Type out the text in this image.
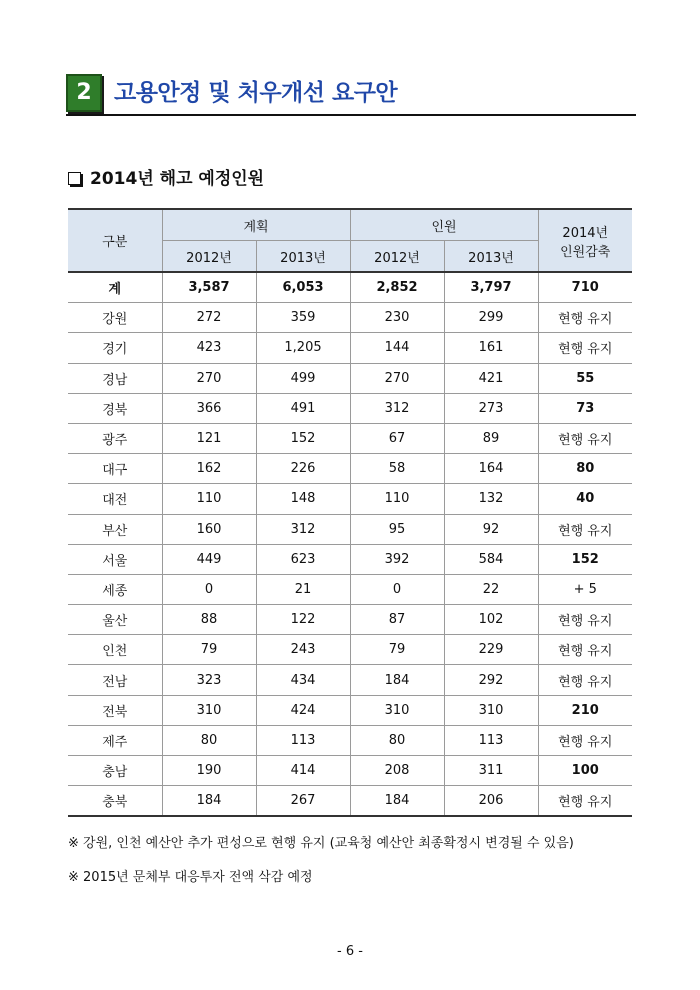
2 고용안정 및 처우개선 요구안
2014년 해고 예정인원
구분	계획		인원		2014년
인원감축
	2012년	2013년	2012년	2013년	
계	3,587	6,053	2,852	3,797	710
강원	272	359	230	299	현행 유지
경기	423	1,205	144	161	현행 유지
경남	270	499	270	421	55
경북	366	491	312	273	73
광주	121	152	67	89	현행 유지
대구	162	226	58	164	80
대전	110	148	110	132	40
부산	160	312	95	92	현행 유지
서울	449	623	392	584	152
세종	0	21	0	22	+ 5
울산	88	122	87	102	현행 유지
인천	79	243	79	229	현행 유지
전남	323	434	184	292	현행 유지
전북	310	424	310	310	210
제주	80	113	80	113	현행 유지
충남	190	414	208	311	100
충북	184	267	184	206	현행 유지
※ 강원, 인천 예산안 추가 편성으로 현행 유지 (교육청 예산안 최종확정시 변경될 수 있음)
※ 2015년 문체부 대응투자 전액 삭감 예정
- 6 -
